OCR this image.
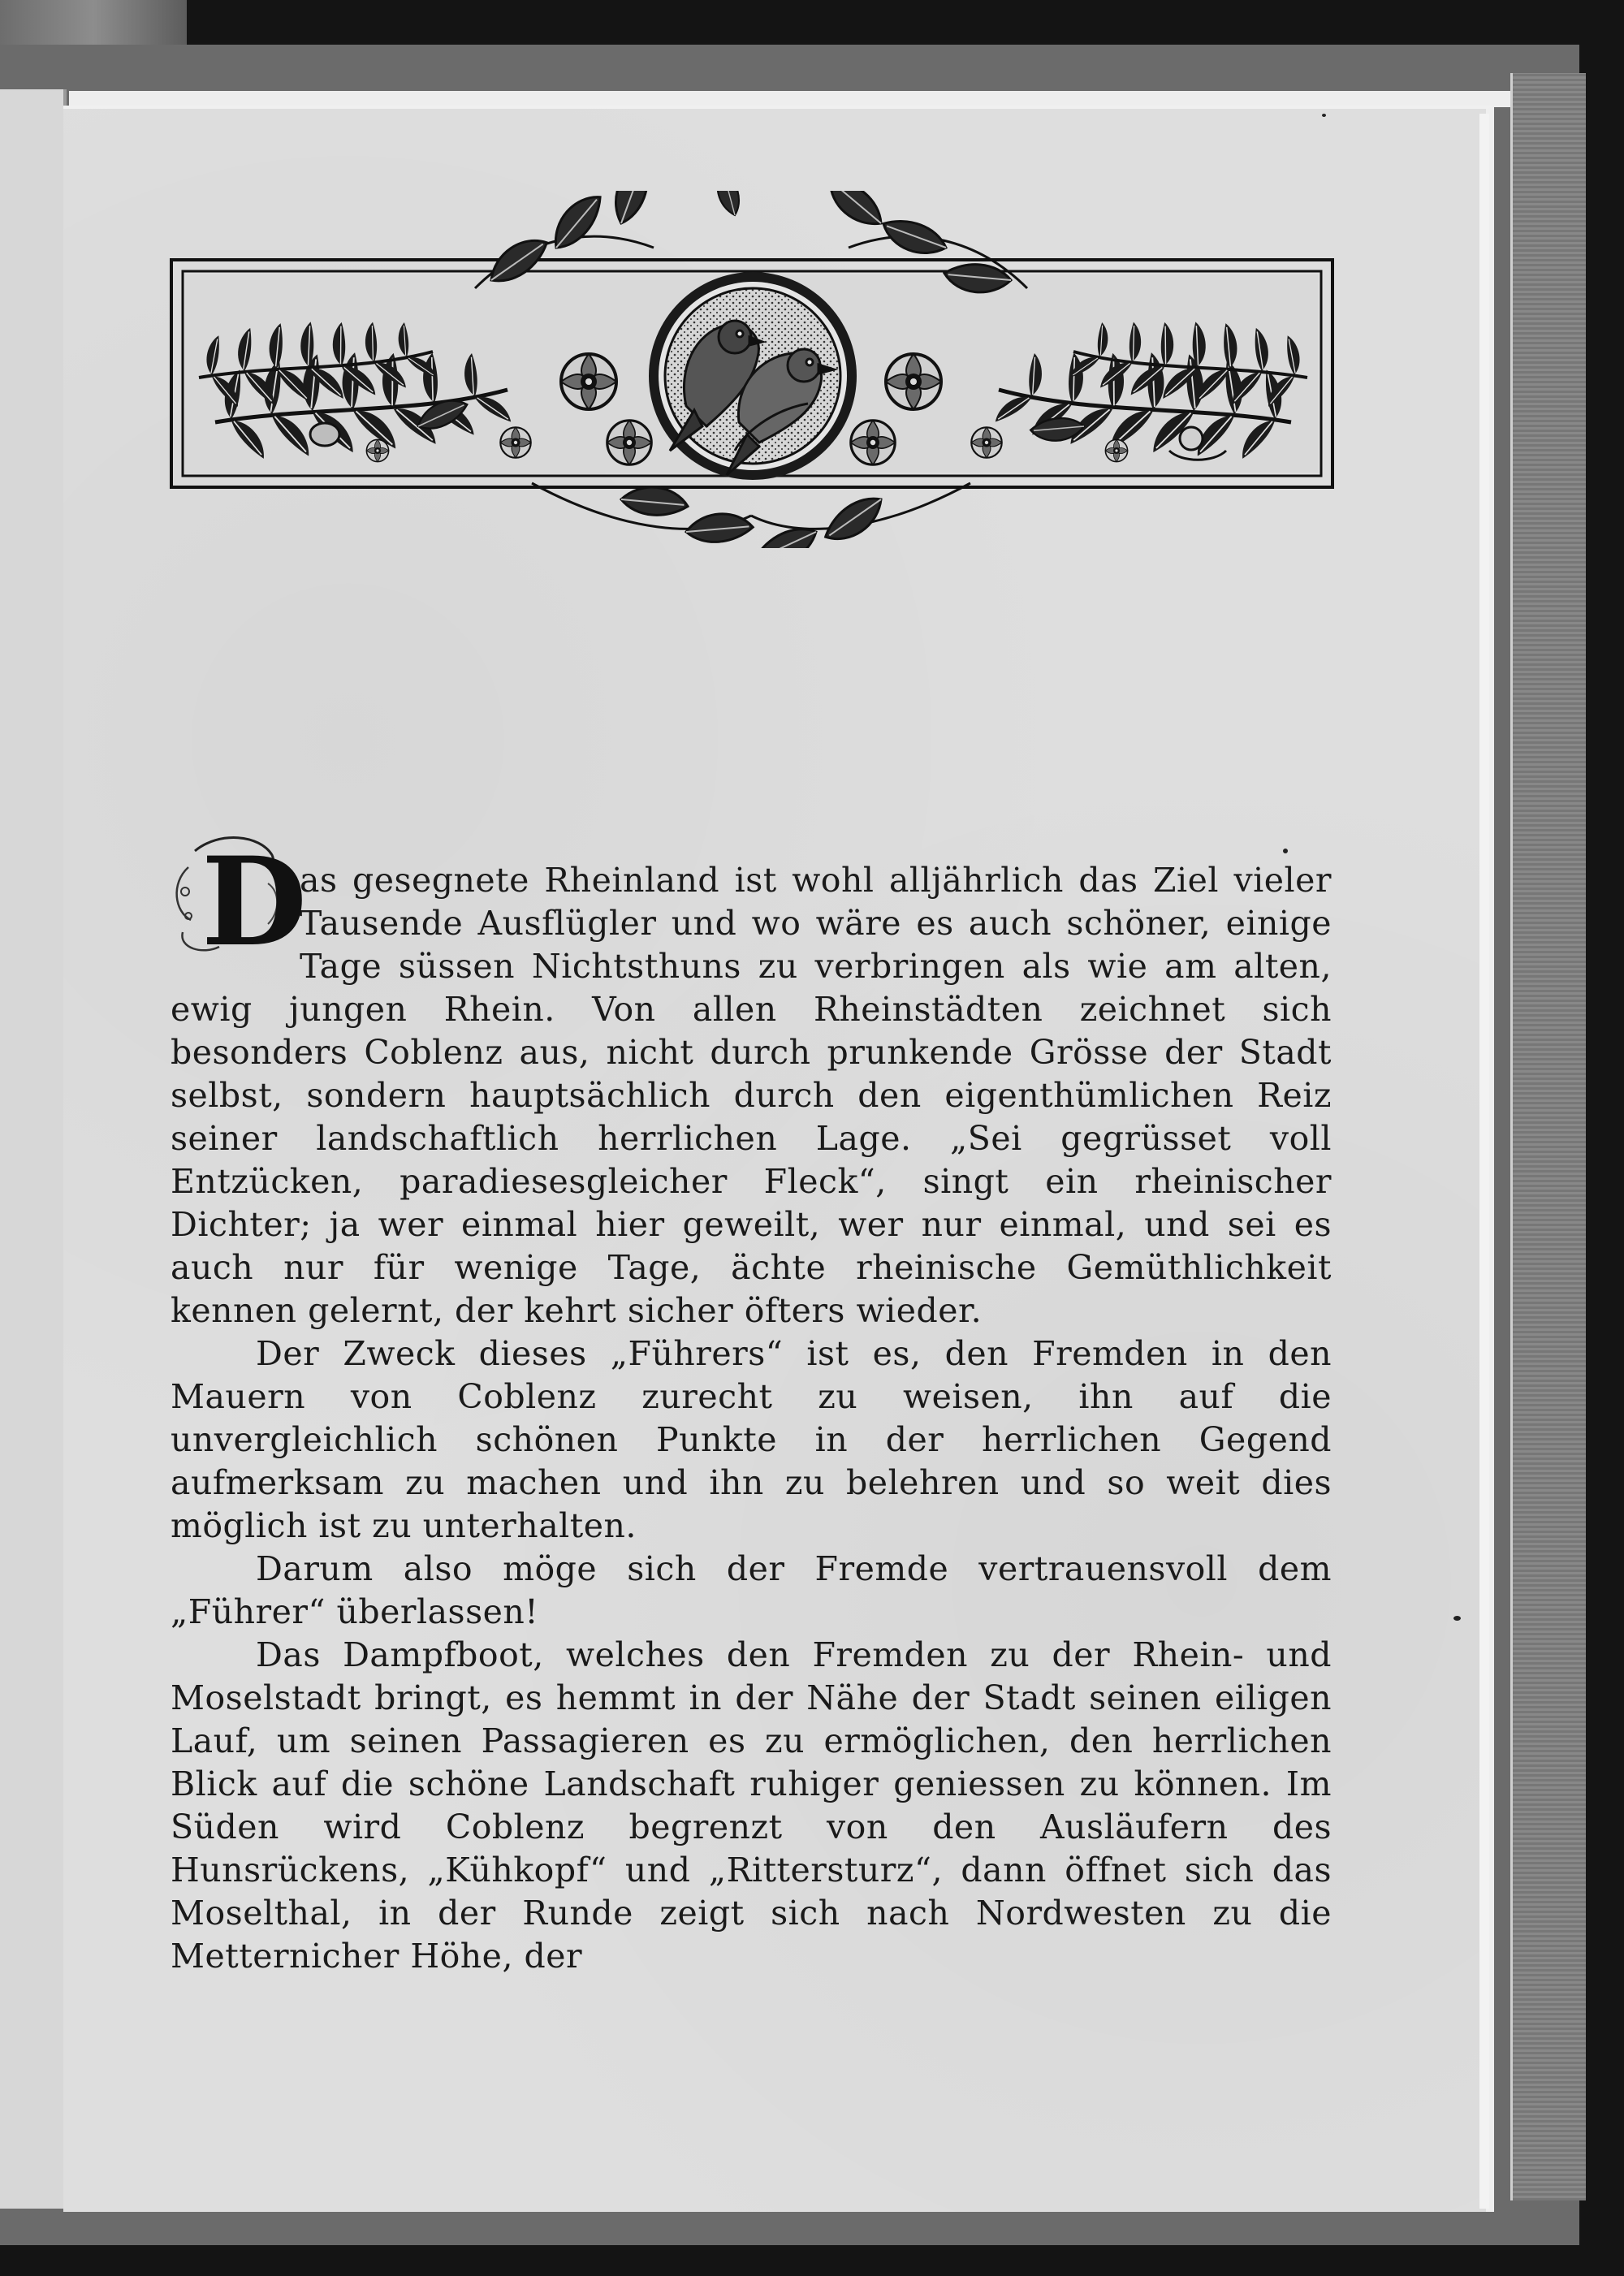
D
as gesegnete Rheinland ist wohl alljährlich das Ziel vieler Tausende Ausflügler und wo wäre es auch schöner, einige Tage süssen Nichtsthuns zu verbringen als wie am alten, ewig jungen Rhein. Von allen Rheinstädten zeichnet sich besonders Coblenz aus, nicht durch prunkende Grösse der Stadt selbst, sondern hauptsächlich durch den eigenthümlichen Reiz seiner landschaftlich herrlichen Lage. „Sei gegrüsset voll Entzücken, paradiesesgleicher Fleck“, singt ein rheinischer Dichter; ja wer einmal hier geweilt, wer nur einmal, und sei es auch nur für wenige Tage, ächte rheinische Gemüthlichkeit kennen gelernt, der kehrt sicher öfters wieder.

Der Zweck dieses „Führers“ ist es, den Fremden in den Mauern von Coblenz zurecht zu weisen, ihn auf die unvergleichlich schönen Punkte in der herrlichen Gegend aufmerksam zu machen und ihn zu belehren und so weit dies möglich ist zu unterhalten.

Darum also möge sich der Fremde vertrauensvoll dem „Führer“ überlassen!

Das Dampfboot, welches den Fremden zu der Rhein- und Moselstadt bringt, es hemmt in der Nähe der Stadt seinen eiligen Lauf, um seinen Passagieren es zu ermöglichen, den herrlichen Blick auf die schöne Landschaft ruhiger geniessen zu können. Im Süden wird Coblenz begrenzt von den Ausläufern des Hunsrückens, „Kühkopf“ und „Rittersturz“, dann öffnet sich das Moselthal, in der Runde zeigt sich nach Nordwesten zu die Metternicher Höhe, der
